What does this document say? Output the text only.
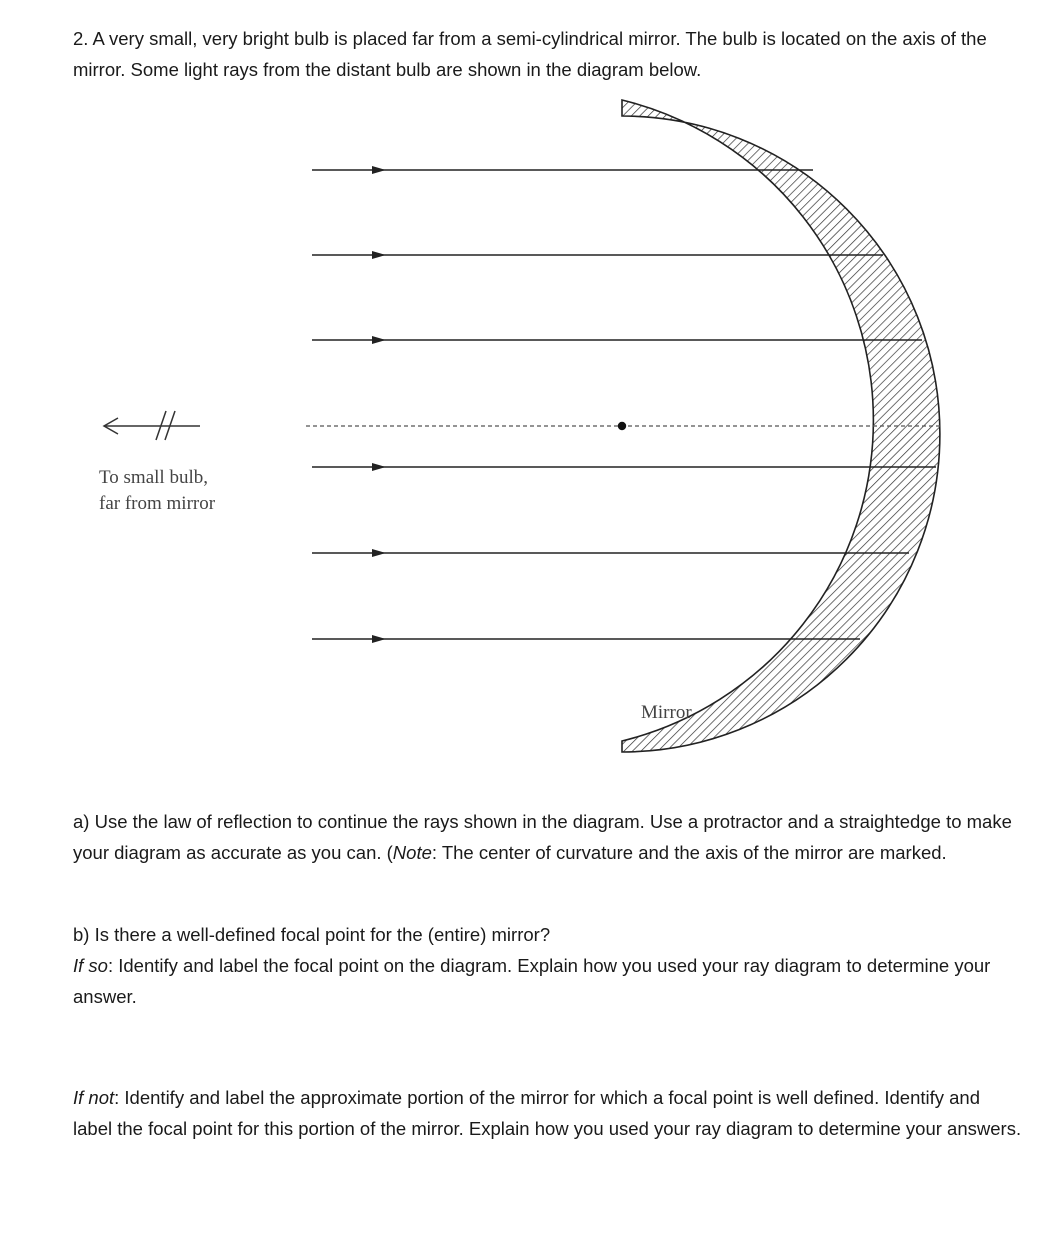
2. A very small, very bright bulb is placed far from a semi-cylindrical mirror. The bulb is located on the axis of the mirror. Some light rays from the distant bulb are shown in the diagram below.

To small bulb,
far from mirror
Mirror

a) Use the law of reflection to continue the rays shown in the diagram. Use a protractor and a straightedge to make your diagram as accurate as you can. (Note: The center of curvature and the axis of the mirror are marked.

b) Is there a well-defined focal point for the (entire) mirror?
If so: Identify and label the focal point on the diagram. Explain how you used your ray diagram to determine your answer.

If not: Identify and label the approximate portion of the mirror for which a focal point is well defined. Identify and label the focal point for this portion of the mirror. Explain how you used your ray diagram to determine your answers.
